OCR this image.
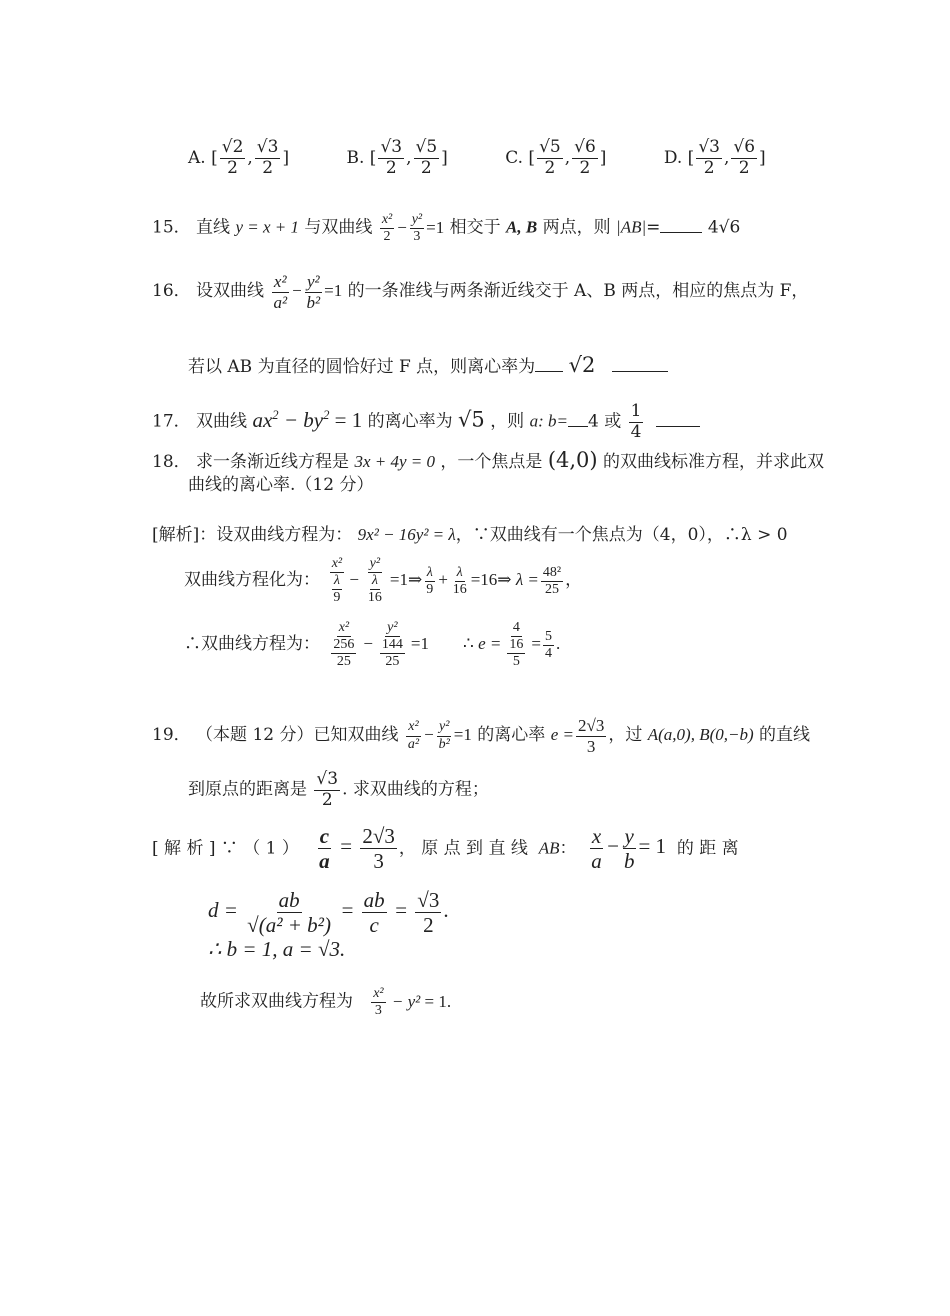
A. [ $\frac{√2}{2}$ , $\frac{√3}{2}$ ]	B. [ $\frac{√3}{2}$ , $\frac{√5}{2}$ ]	C. [ $\frac{√5}{2}$ , $\frac{√6}{2}$ ]	D. [ $\frac{√3}{2}$ , $\frac{√6}{2}$ ]
15． 直线 y = x + 1 与双曲线 $\frac{\text{x²}}{2} - \frac{\text{y²}}{3} =1$ 相交于 A, B 两点，则 |AB|=	4√6
16． 设双曲线 $\frac{\text{x²}}{\text{a²}} - \frac{\text{y²}}{\text{b²}} =1$ 的一条准线与两条渐近线交于 A、B 两点，相应的焦点为 F，
若以 AB 为直径的圆恰好过 F 点，则离心率为 √2
17． 双曲线 $ax^2 - by^2 = 1$ 的离心率为 √5 ，则 a: b= 4 或 $\frac{1}{4}$

18． 求一条渐近线方程是 3x + 4y = 0 ，一个焦点是 (4,0) 的双曲线标准方程，并求此双
曲线的离心率.（12 分）
[解析]：设双曲线方程为： 9x² − 16y² = λ，∵双曲线有一个焦点为（4，0），∴λ > 0
双曲线方程化为： $\frac{\text{x²}}{\frac{\lambda}{9}} - \frac{\text{y²}}{\frac{\lambda}{16}}$ =1⇒ $\frac{\lambda}{9} + \frac{\lambda}{16}$ =16⇒ $\lambda = \frac{\text{48²}}{25}$ ，
∴双曲线方程为： $\frac{\text{x²}}{\frac{256}{25}} - \frac{\text{y²}}{\frac{144}{25}} =1$ ∴ $e = \frac{4}{\frac{16}{5}} = \frac{5}{4}$ .
19． （本题 12 分）已知双曲线 $\frac{\text{x²}}{\text{a²}} - \frac{\text{y²}}{\text{b²}} =1$ 的离心率 $e = \frac{2√3}{3}$ ，过 A(a,0), B(0,−b) 的直线
到原点的距离是 $\frac{√3}{2}$ . 求双曲线的方程；
[ 解 析 ] ∵ （ 1 ） $\frac{c}{a} = \frac{2√3}{3}$ ， 原 点 到 直 线 AB： $\frac{x}{a} - \frac{y}{b} = 1$ 的 距 离
$d = \frac{ab}{\text{√(a² + b²)}} = \frac{ab}{c} = \frac{√3}{2}$ .
∴ b = 1, a = √3.
故所求双曲线方程为 $\frac{\text{x²}}{3} - y^2 = 1$.
